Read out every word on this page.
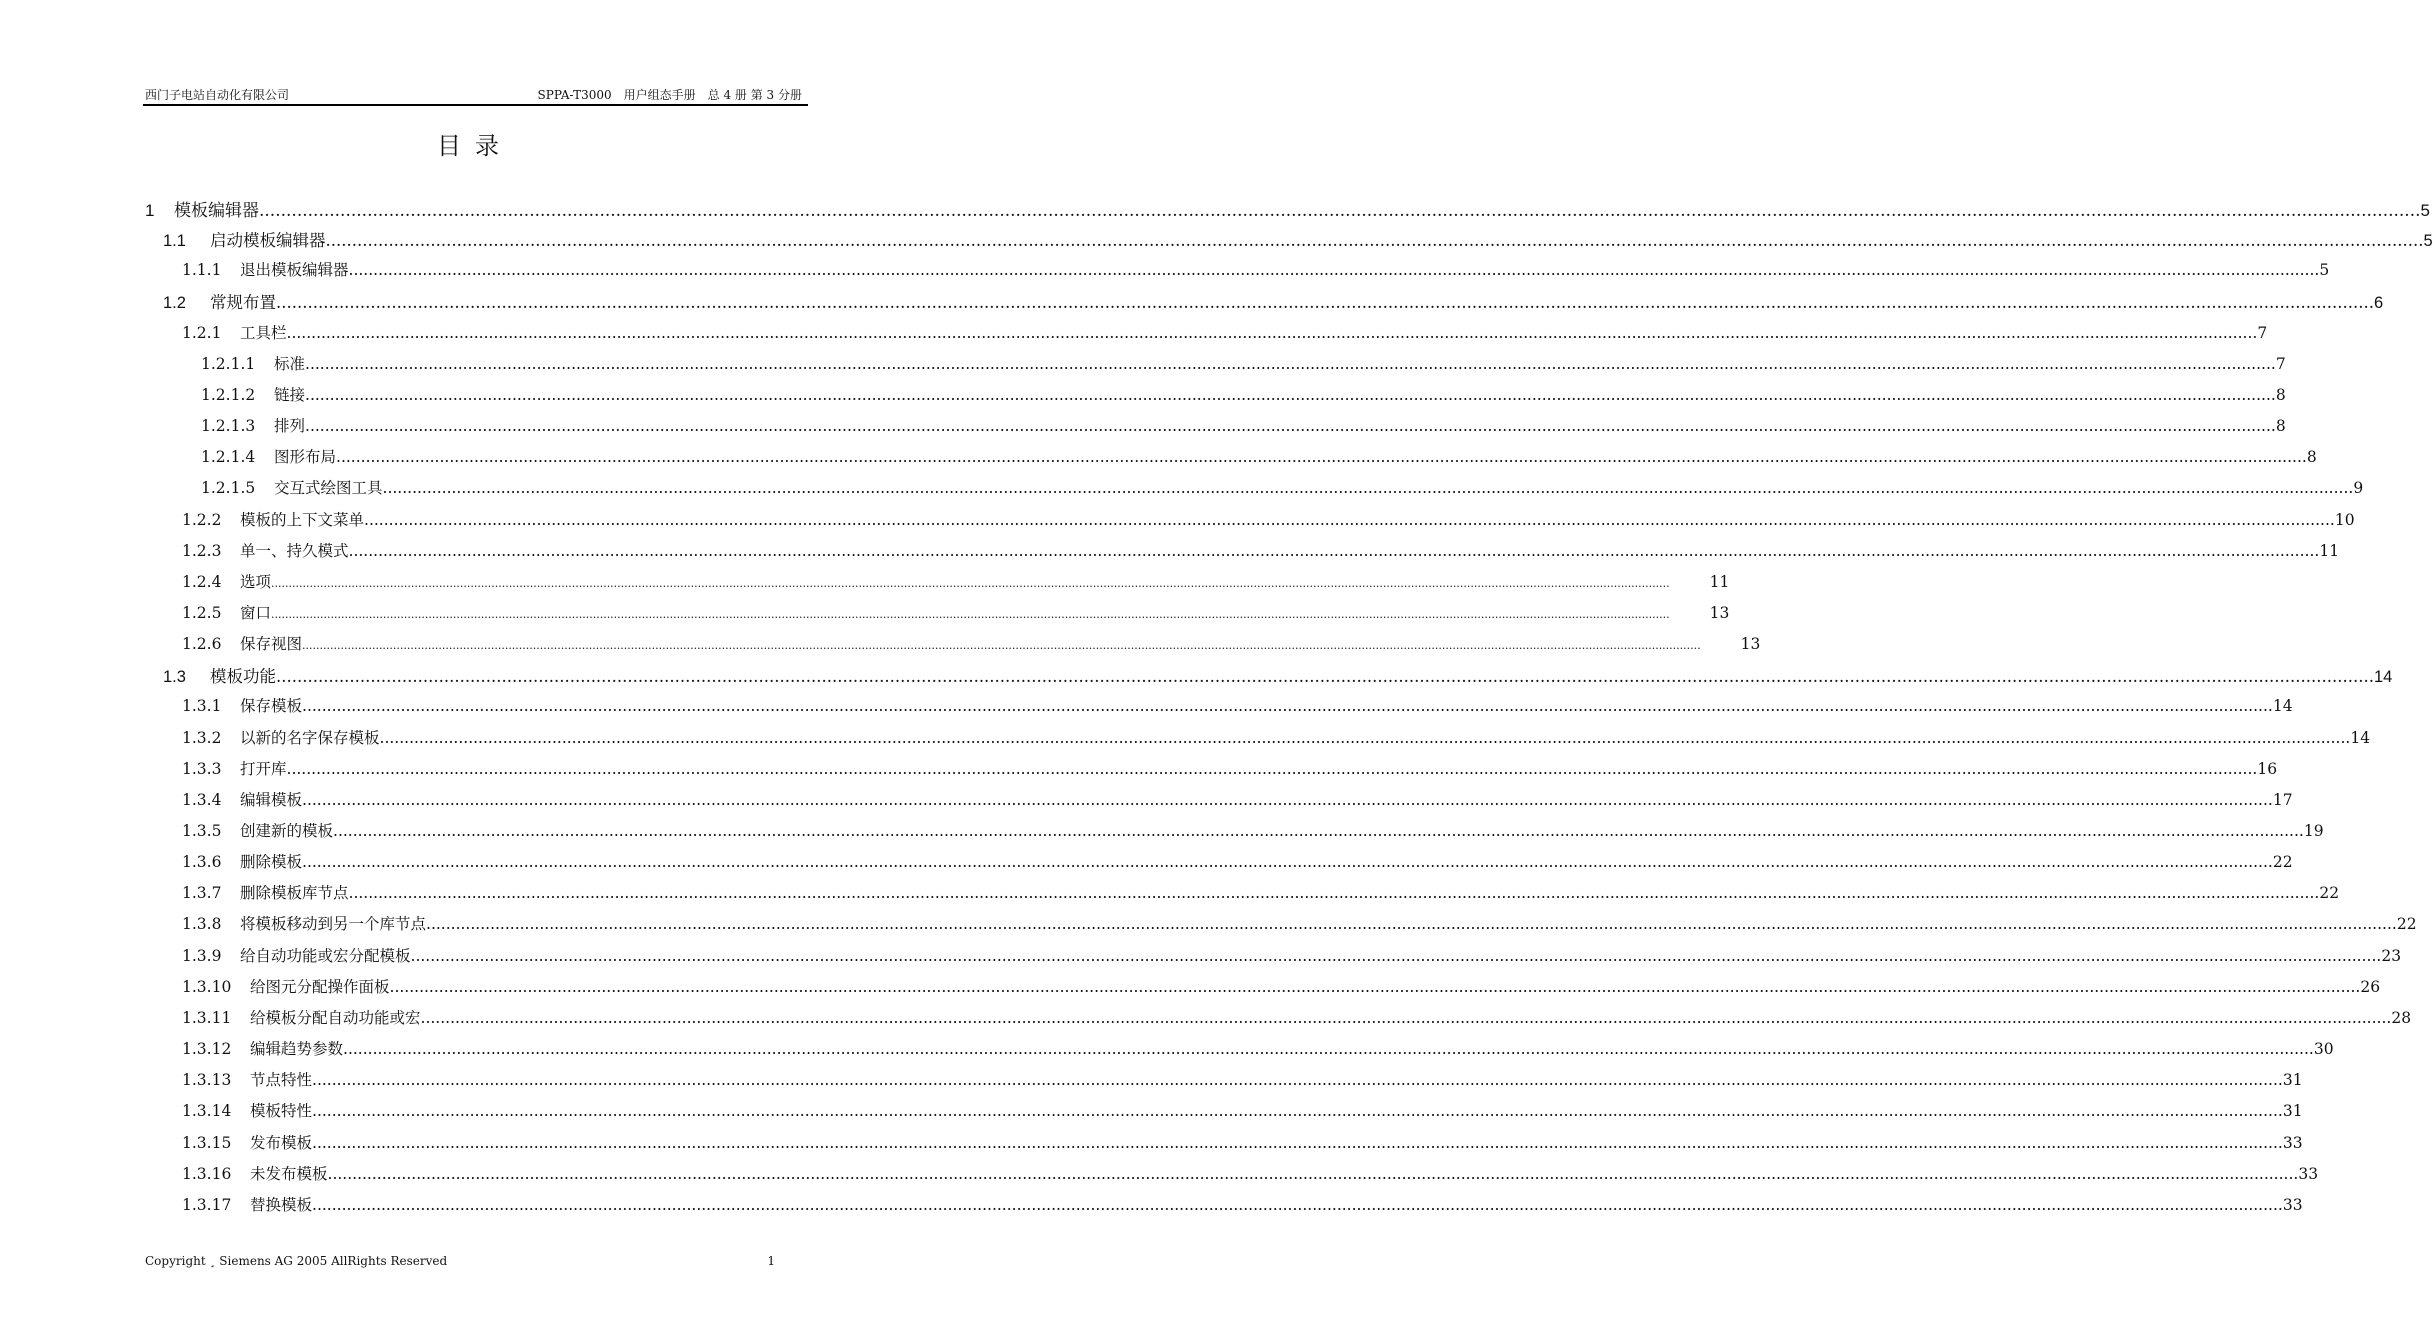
西门子电站自动化有限公司	SPPA-T3000　用户组态手册　总 4 册 第 3 分册
目录
1	模板编辑器 ................................................................................................................................................................................................................................................................................................................................................................................................................ 5
1.1	启动模板编辑器 ................................................................................................................................................................................................................................................................................................................................................................................................................ 5
1.1.1	退出模板编辑器 ................................................................................................................................................................................................................................................................................................................................................................................................................ 5
1.2	常规布置 ................................................................................................................................................................................................................................................................................................................................................................................................................ 6
1.2.1	工具栏 ................................................................................................................................................................................................................................................................................................................................................................................................................ 7
1.2.1.1	标准 ................................................................................................................................................................................................................................................................................................................................................................................................................ 7
1.2.1.2	链接 ................................................................................................................................................................................................................................................................................................................................................................................................................ 8
1.2.1.3	排列 ................................................................................................................................................................................................................................................................................................................................................................................................................ 8
1.2.1.4	图形布局 ................................................................................................................................................................................................................................................................................................................................................................................................................ 8
1.2.1.5	交互式绘图工具 ................................................................................................................................................................................................................................................................................................................................................................................................................ 9
1.2.2	模板的上下文菜单 ................................................................................................................................................................................................................................................................................................................................................................................................................ 10
1.2.3	单一、持久模式 ................................................................................................................................................................................................................................................................................................................................................................................................................ 11
1.2.4	选项 ................................................................................................................................................................................................................................................................................................................................................................................................................	11
1.2.5	窗口 ................................................................................................................................................................................................................................................................................................................................................................................................................	13
1.2.6	保存视图 ................................................................................................................................................................................................................................................................................................................................................................................................................	13
1.3	模板功能 ................................................................................................................................................................................................................................................................................................................................................................................................................ 14
1.3.1	保存模板 ................................................................................................................................................................................................................................................................................................................................................................................................................ 14
1.3.2	以新的名字保存模板 ................................................................................................................................................................................................................................................................................................................................................................................................................ 14
1.3.3	打开库 ................................................................................................................................................................................................................................................................................................................................................................................................................ 16
1.3.4	编辑模板 ................................................................................................................................................................................................................................................................................................................................................................................................................ 17
1.3.5	创建新的模板 ................................................................................................................................................................................................................................................................................................................................................................................................................ 19
1.3.6	删除模板 ................................................................................................................................................................................................................................................................................................................................................................................................................ 22
1.3.7	删除模板库节点 ................................................................................................................................................................................................................................................................................................................................................................................................................ 22
1.3.8	将模板移动到另一个库节点 ................................................................................................................................................................................................................................................................................................................................................................................................................ 22
1.3.9	给自动功能或宏分配模板 ................................................................................................................................................................................................................................................................................................................................................................................................................ 23
1.3.10	给图元分配操作面板 ................................................................................................................................................................................................................................................................................................................................................................................................................ 26
1.3.11	给模板分配自动功能或宏 ................................................................................................................................................................................................................................................................................................................................................................................................................ 28
1.3.12	编辑趋势参数 ................................................................................................................................................................................................................................................................................................................................................................................................................ 30
1.3.13	节点特性 ................................................................................................................................................................................................................................................................................................................................................................................................................ 31
1.3.14	模板特性 ................................................................................................................................................................................................................................................................................................................................................................................................................ 31
1.3.15	发布模板 ................................................................................................................................................................................................................................................................................................................................................................................................................ 33
1.3.16	未发布模板 ................................................................................................................................................................................................................................................................................................................................................................................................................ 33
1.3.17	替换模板 ................................................................................................................................................................................................................................................................................................................................................................................................................ 33
Copyright ¸ Siemens AG 2005 AllRights Reserved	1
